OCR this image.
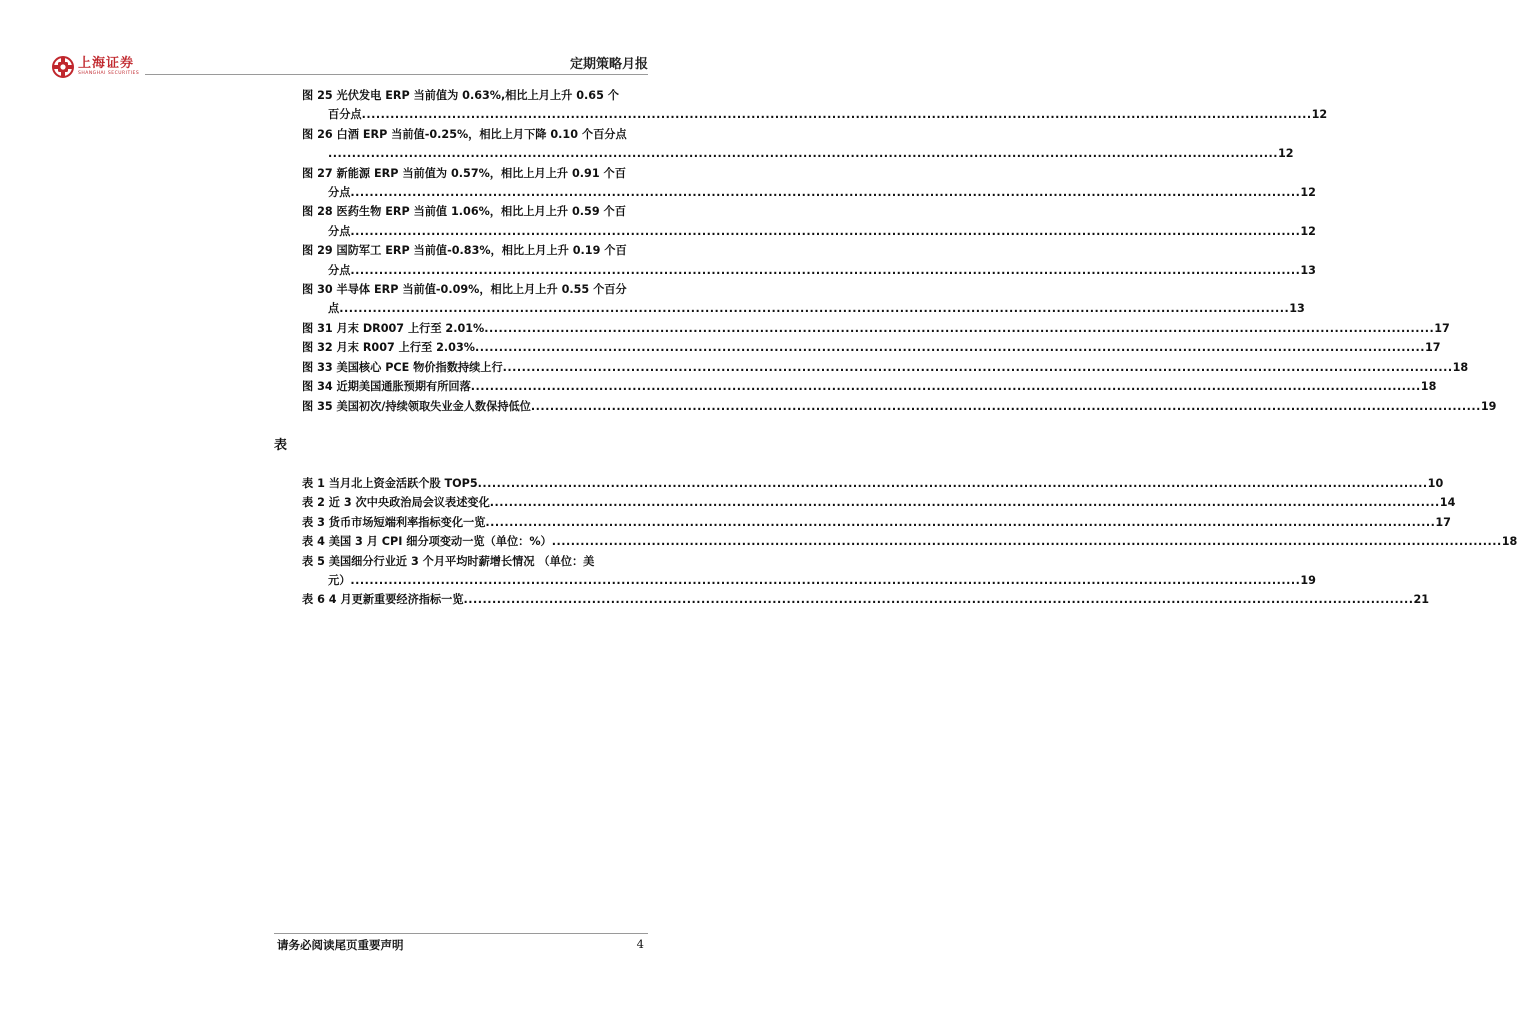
上海证券
SHANGHAI SECURITIES
定期策略月报
图 25 光伏发电 ERP 当前值为 0.63%,相比上月上升 0.65 个
百分点 ........................................................................................................................................................................................................ 12
图 26 白酒 ERP 当前值-0.25%，相比上月下降 0.10 个百分点
........................................................................................................................................................................................................ 12
图 27 新能源 ERP 当前值为 0.57%，相比上月上升 0.91 个百
分点 ........................................................................................................................................................................................................ 12
图 28 医药生物 ERP 当前值 1.06%，相比上月上升 0.59 个百
分点 ........................................................................................................................................................................................................ 12
图 29 国防军工 ERP 当前值-0.83%，相比上月上升 0.19 个百
分点 ........................................................................................................................................................................................................ 13
图 30 半导体 ERP 当前值-0.09%，相比上月上升 0.55 个百分
点 ........................................................................................................................................................................................................ 13
图 31 月末 DR007 上行至 2.01% ........................................................................................................................................................................................................ 17
图 32 月末 R007 上行至 2.03% ........................................................................................................................................................................................................ 17
图 33 美国核心 PCE 物价指数持续上行 ........................................................................................................................................................................................................ 18
图 34 近期美国通胀预期有所回落 ........................................................................................................................................................................................................ 18
图 35 美国初次/持续领取失业金人数保持低位 ........................................................................................................................................................................................................ 19
表
表 1 当月北上资金活跃个股 TOP5 ........................................................................................................................................................................................................ 10
表 2 近 3 次中央政治局会议表述变化 ........................................................................................................................................................................................................ 14
表 3 货币市场短端利率指标变化一览 ........................................................................................................................................................................................................ 17
表 4 美国 3 月 CPI 细分项变动一览（单位：%） ........................................................................................................................................................................................................ 18
表 5 美国细分行业近 3 个月平均时薪增长情况 （单位：美
元） ........................................................................................................................................................................................................ 19
表 6 4 月更新重要经济指标一览 ........................................................................................................................................................................................................ 21
请务必阅读尾页重要声明	4
